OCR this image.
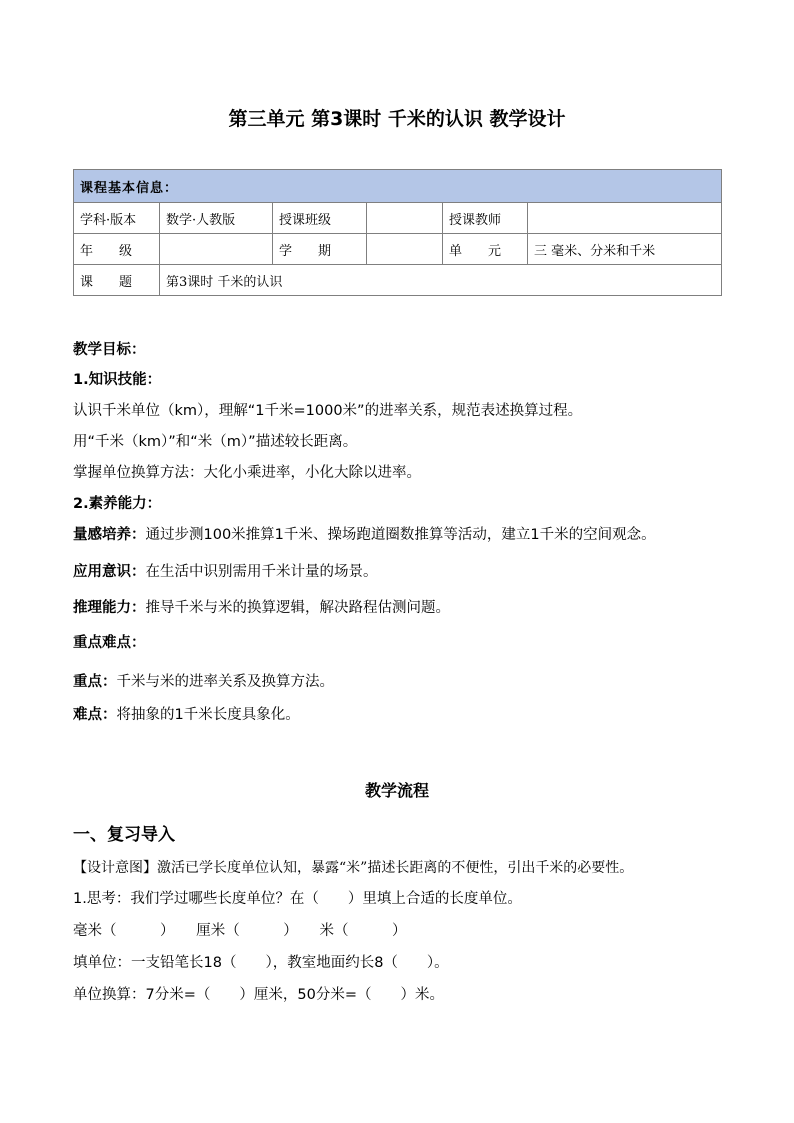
第三单元 第3课时 千米的认识 教学设计
课程基本信息：					
学科·版本	数学·人教版	授课班级		授课教师	
年　　级		学　　期		单　　元	三 毫米、分米和千米
课　　题	第3课时 千米的认识				
教学目标：
1.知识技能：
认识千米单位（km），理解“1千米=1000米”的进率关系，规范表述换算过程。
用“千米（km）”和“米（m）”描述较长距离。
掌握单位换算方法：大化小乘进率，小化大除以进率。
2.素养能力：
量感培养：通过步测100米推算1千米、操场跑道圈数推算等活动，建立1千米的空间观念。
应用意识：在生活中识别需用千米计量的场景。
推理能力：推导千米与米的换算逻辑，解决路程估测问题。
重点难点：
重点：千米与米的进率关系及换算方法。
难点：将抽象的1千米长度具象化。
教学流程
一、复习导入
【设计意图】激活已学长度单位认知，暴露“米”描述长距离的不便性，引出千米的必要性。
1.思考：我们学过哪些长度单位？在（　　）里填上合适的长度单位。
毫米（　　　）　　厘米（　　　）　　米（　　　）
填单位：一支铅笔长18（　　），教室地面约长8（　　）。
单位换算：7分米=（　　）厘米，50分米=（　　）米。
